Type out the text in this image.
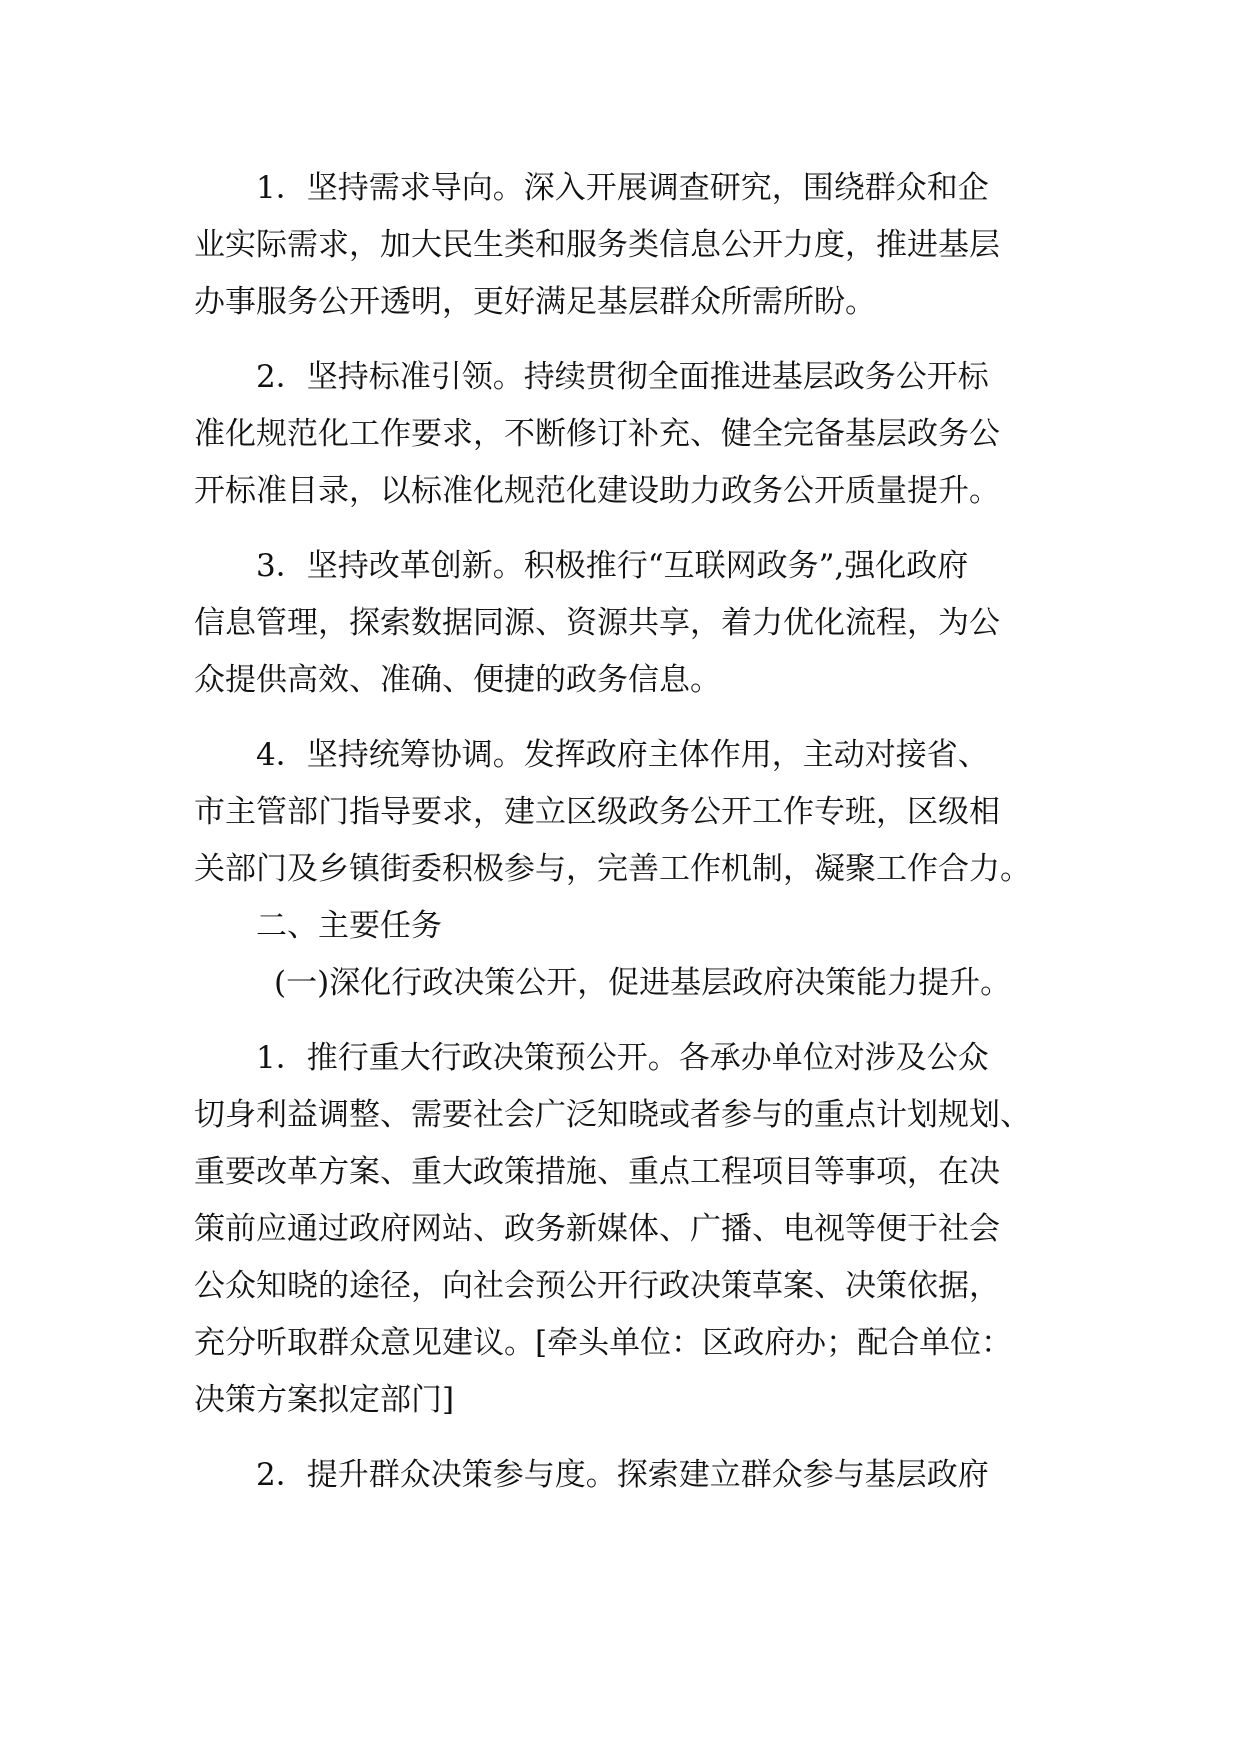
1．坚持需求导向。深入开展调查研究，围绕群众和企
业实际需求，加大民生类和服务类信息公开力度，推进基层
办事服务公开透明，更好满足基层群众所需所盼。
2．坚持标准引领。持续贯彻全面推进基层政务公开标
准化规范化工作要求，不断修订补充、健全完备基层政务公
开标准目录，以标准化规范化建设助力政务公开质量提升。
3．坚持改革创新。积极推行“互联网政务”,强化政府
信息管理，探索数据同源、资源共享，着力优化流程，为公
众提供高效、准确、便捷的政务信息。
4．坚持统筹协调。发挥政府主体作用，主动对接省、
市主管部门指导要求，建立区级政务公开工作专班，区级相
关部门及乡镇街委积极参与，完善工作机制，凝聚工作合力。
二、主要任务
(一)深化行政决策公开，促进基层政府决策能力提升。
1．推行重大行政决策预公开。各承办单位对涉及公众
切身利益调整、需要社会广泛知晓或者参与的重点计划规划、
重要改革方案、重大政策措施、重点工程项目等事项，在决
策前应通过政府网站、政务新媒体、广播、电视等便于社会
公众知晓的途径，向社会预公开行政决策草案、决策依据，
充分听取群众意见建议。[牵头单位：区政府办；配合单位：
决策方案拟定部门]
2．提升群众决策参与度。探索建立群众参与基层政府
